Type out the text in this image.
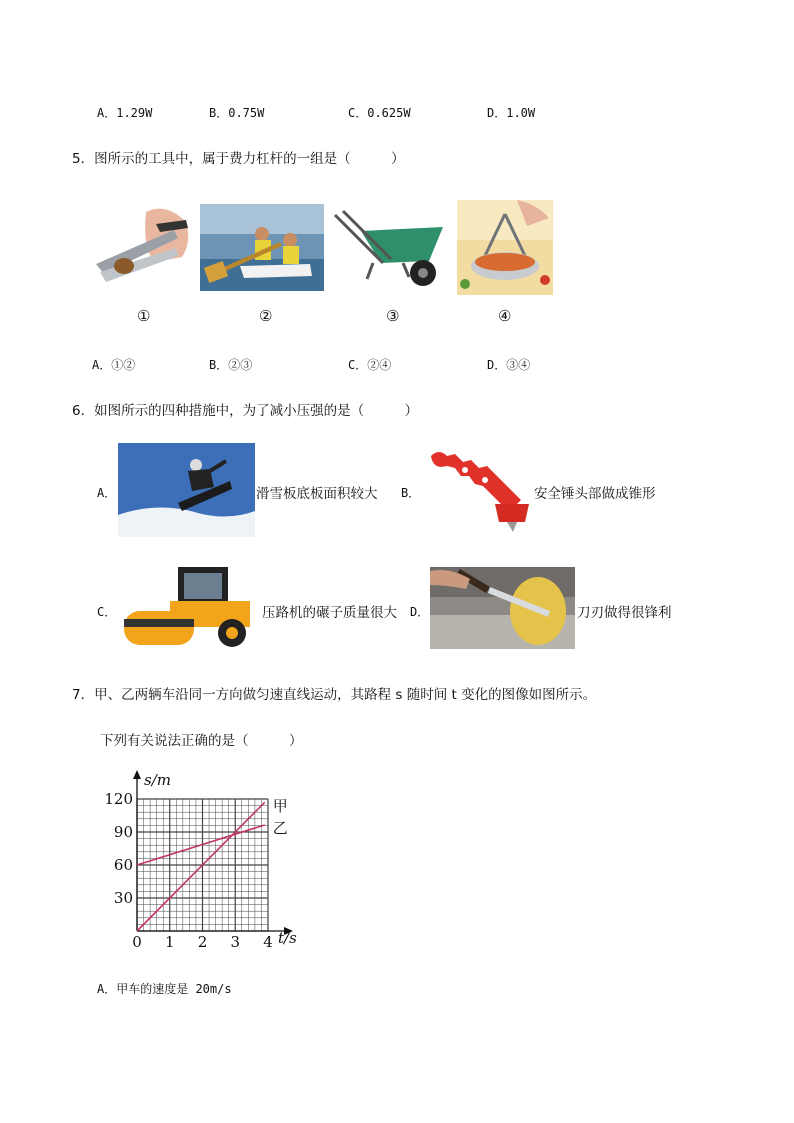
A．1.29W	B．0.75W	C．0.625W	D．1.0W
5．图所示的工具中，属于费力杠杆的一组是（　　　）
①	②	③	④
A．①②	B．②③	C．②④	D．③④
6．如图所示的四种措施中，为了减小压强的是（　　　）
A．	滑雪板底板面积较大 B．	安全锤头部做成锥形
C．	压路机的碾子质量很大 D．	刀刃做得很锋利
7．甲、乙两辆车沿同一方向做匀速直线运动，其路程 s 随时间 t 变化的图像如图所示。
下列有关说法正确的是（　　　）
0 1 2 3 4
30
60
90
120	甲
乙
s/m
t/s
A．甲车的速度是 20m/s
